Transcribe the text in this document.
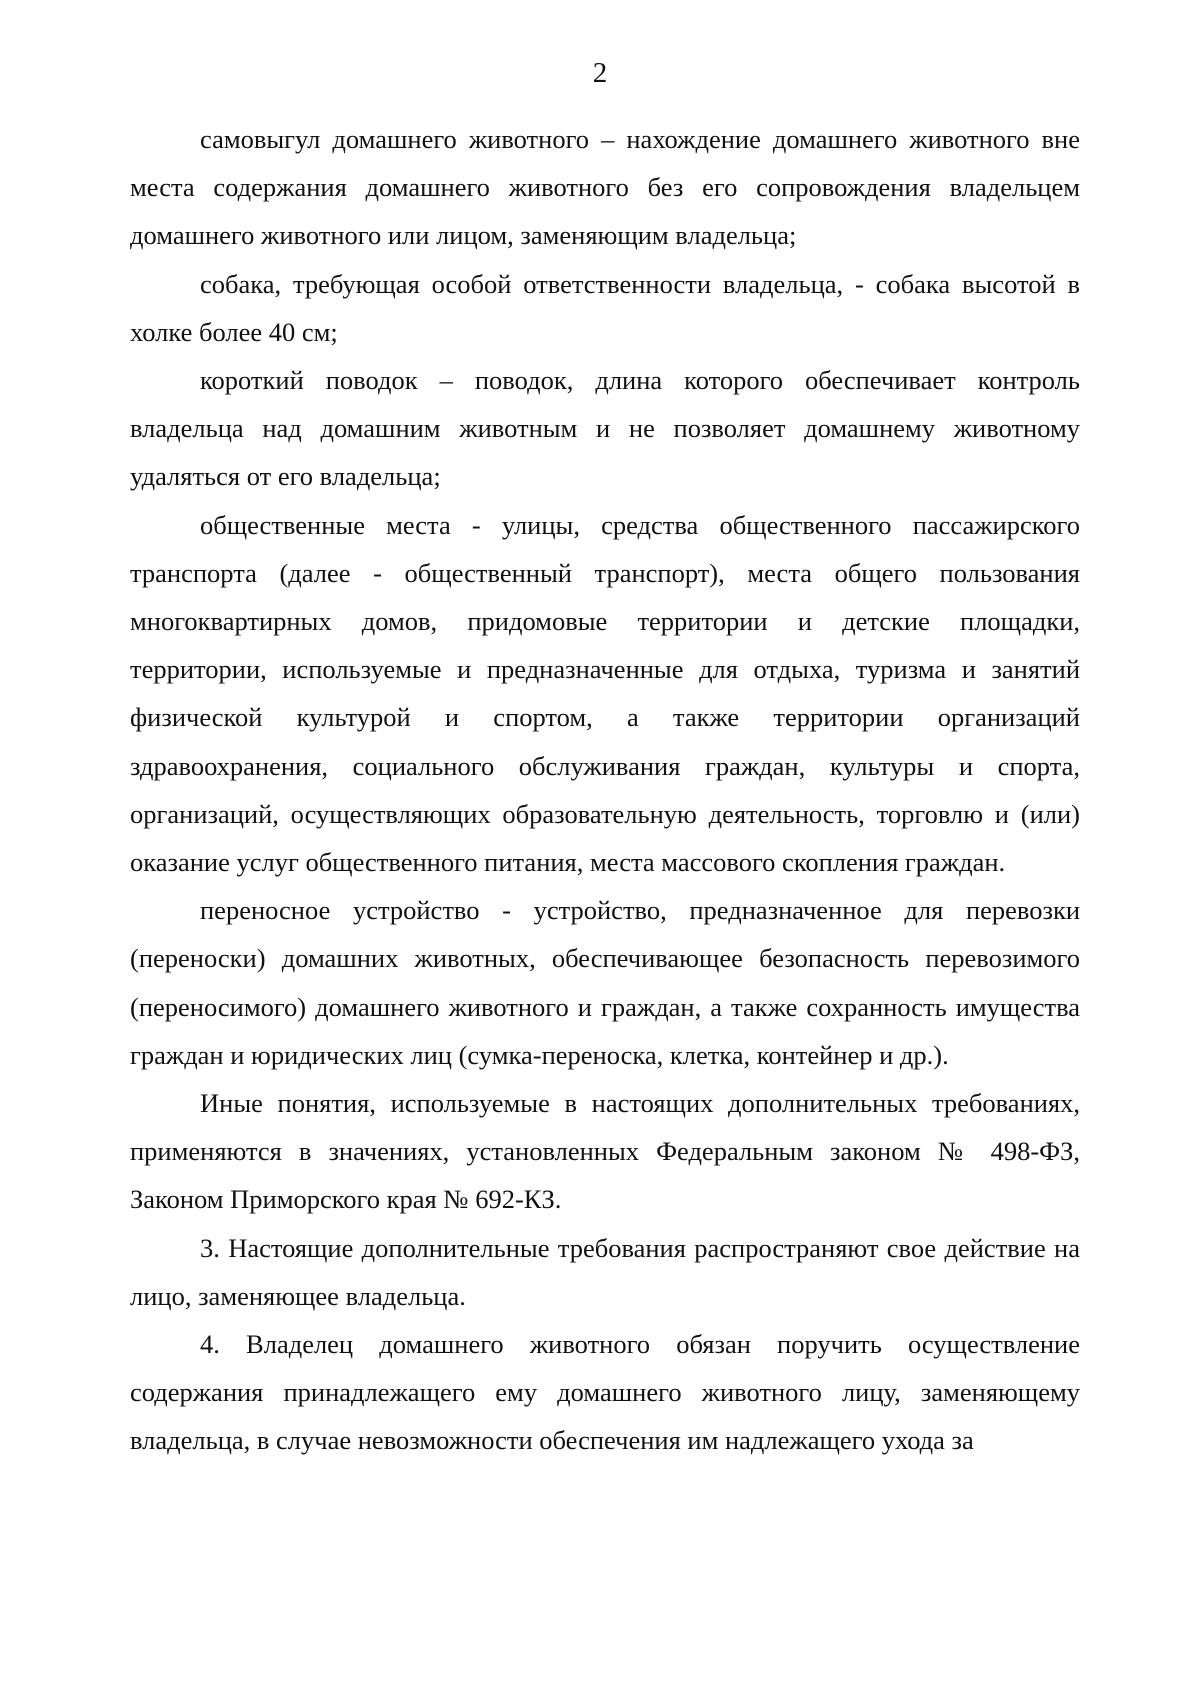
2

самовыгул домашнего животного – нахождение домашнего животного вне места содержания домашнего животного без его сопровождения владельцем домашнего животного или лицом, заменяющим владельца;

собака, требующая особой ответственности владельца, - собака высотой в холке более 40 см;

короткий поводок – поводок, длина которого обеспечивает контроль владельца над домашним животным и не позволяет домашнему животному удаляться от его владельца;

общественные места - улицы, средства общественного пассажирского транспорта (далее - общественный транспорт), места общего пользования многоквартирных домов, придомовые территории и детские площадки, территории, используемые и предназначенные для отдыха, туризма и занятий физической культурой и спортом, а также территории организаций здравоохранения, социального обслуживания граждан, культуры и спорта, организаций, осуществляющих образовательную деятельность, торговлю и (или) оказание услуг общественного питания, места массового скопления граждан.

переносное устройство - устройство, предназначенное для перевозки (переноски) домашних животных, обеспечивающее безопасность перевозимого (переносимого) домашнего животного и граждан, а также сохранность имущества граждан и юридических лиц (сумка-переноска, клетка, контейнер и др.).

Иные понятия, используемые в настоящих дополнительных требованиях, применяются в значениях, установленных Федеральным законом № 498-ФЗ, Законом Приморского края № 692-КЗ.

3. Настоящие дополнительные требования распространяют свое действие на лицо, заменяющее владельца.

4. Владелец домашнего животного обязан поручить осуществление содержания принадлежащего ему домашнего животного лицу, заменяющему владельца, в случае невозможности обеспечения им надлежащего ухода за
